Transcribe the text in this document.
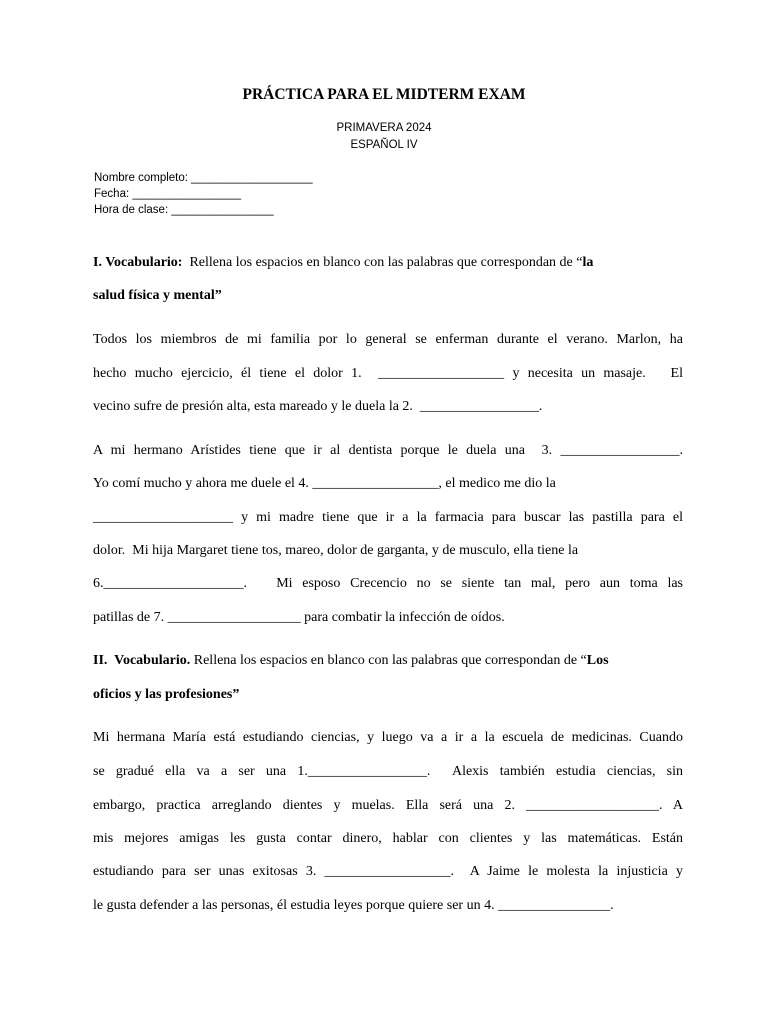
PRÁCTICA PARA EL MIDTERM EXAM
PRIMAVERA 2024
ESPAÑOL IV
Nombre completo: ___________________
Fecha: _________________
Hora de clase: ________________
I. Vocabulario:  Rellena los espacios en blanco con las palabras que correspondan de “la
salud física y mental”
Todos los miembros de mi familia por lo general se enferman durante el verano. Marlon, ha
hecho mucho ejercicio, él tiene el dolor 1.  __________________ y necesita un masaje.   El
vecino sufre de presión alta, esta mareado y le duela la 2.  _________________.
A mi hermano Arístides tiene que ir al dentista porque le duela una  3. _________________.
Yo comí mucho y ahora me duele el 4. __________________, el medico me dio la
____________________ y mi madre tiene que ir a la farmacia para buscar las pastilla para el
dolor.  Mi hija Margaret tiene tos, mareo, dolor de garganta, y de musculo, ella tiene la
6.____________________.   Mi esposo Crecencio no se siente tan mal, pero aun toma las
patillas de 7. ___________________ para combatir la infección de oídos.
II.  Vocabulario. Rellena los espacios en blanco con las palabras que correspondan de “Los
oficios y las profesiones”
Mi hermana María está estudiando ciencias, y luego va a ir a la escuela de medicinas. Cuando
se gradué ella va a ser una 1._________________.  Alexis también estudia ciencias, sin
embargo, practica arreglando dientes y muelas. Ella será una 2. ___________________. A
mis mejores amigas les gusta contar dinero, hablar con clientes y las matemáticas. Están
estudiando para ser unas exitosas 3. __________________.  A Jaime le molesta la injusticia y
le gusta defender a las personas, él estudia leyes porque quiere ser un 4. ________________.
